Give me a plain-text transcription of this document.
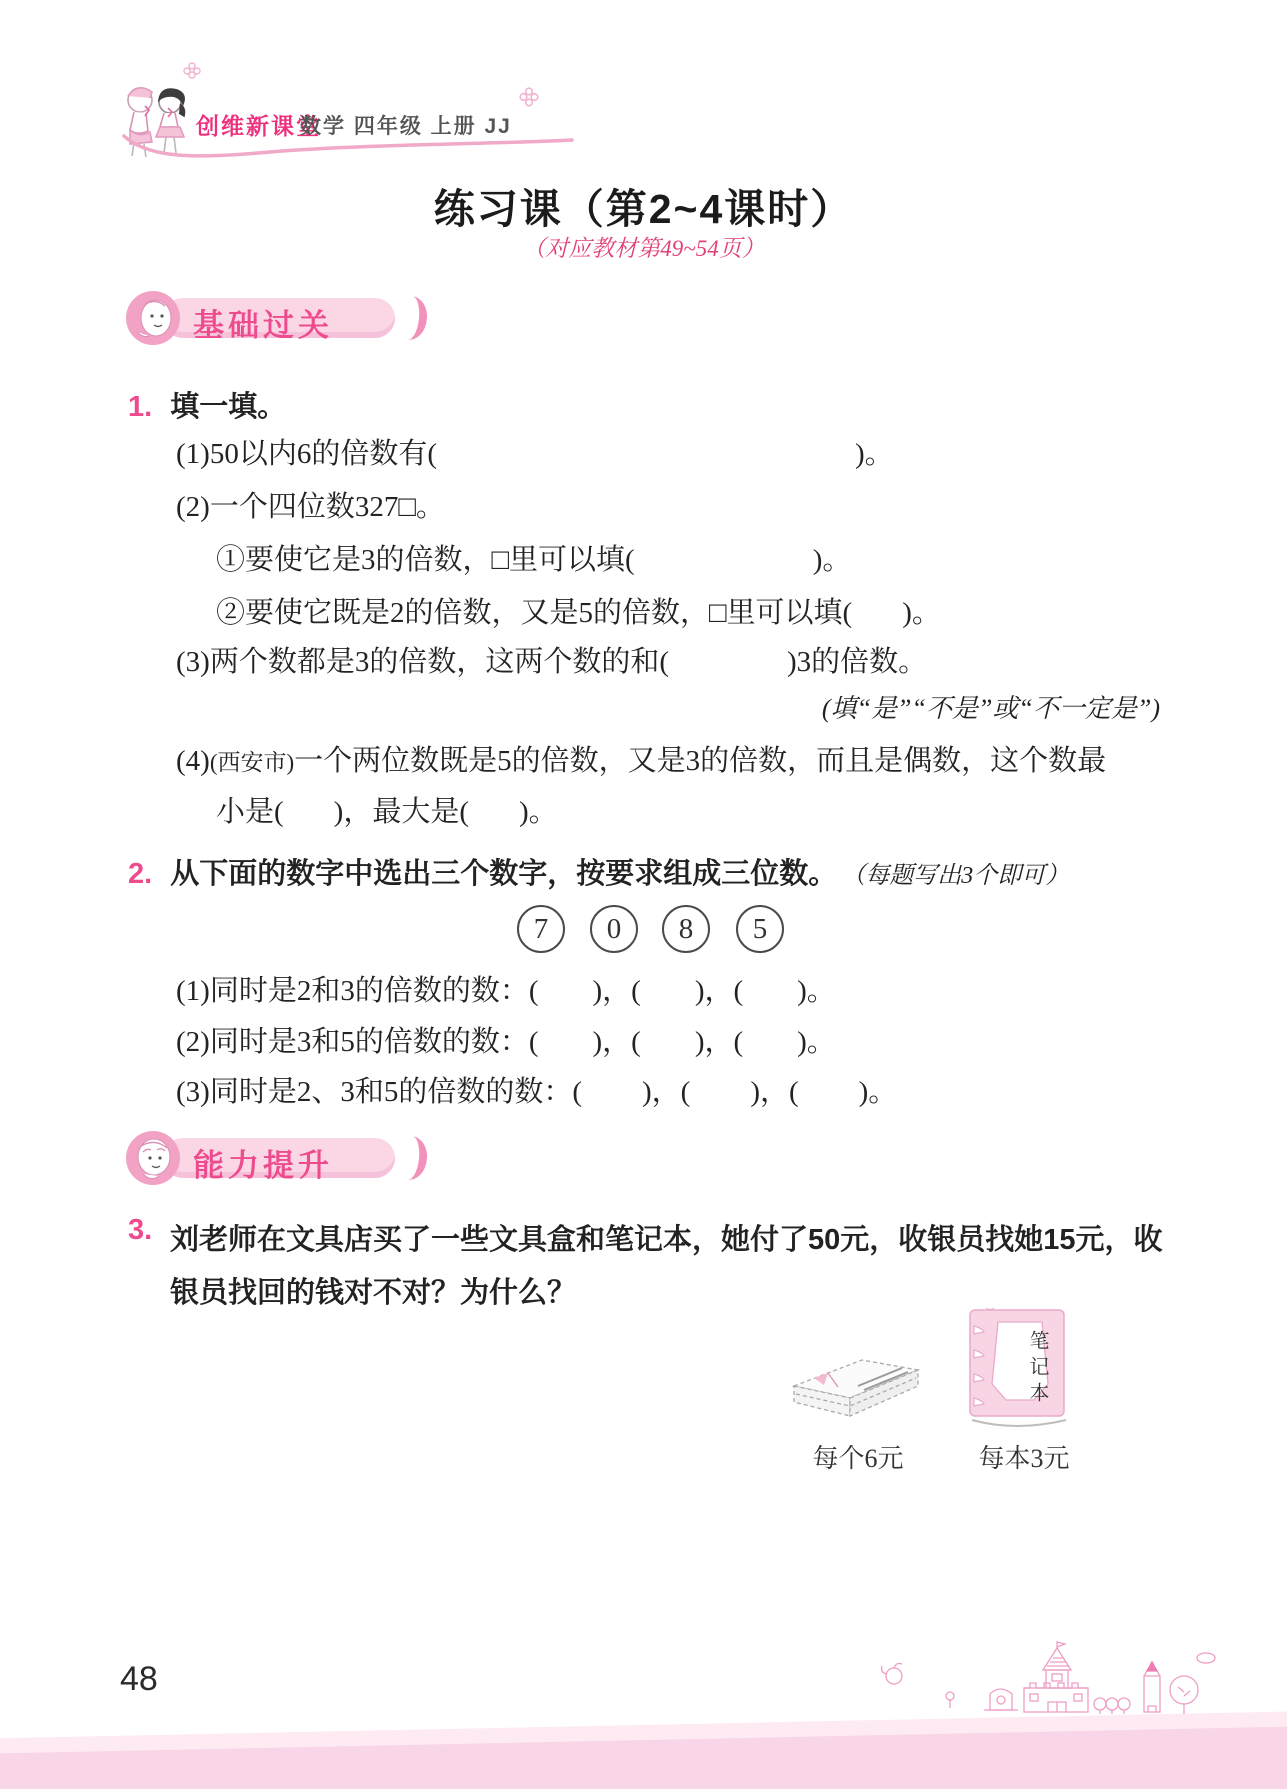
创维新课堂
数学 四年级 上册 JJ
练习课（第2~4课时）
（对应教材第49~54页）
基础过关
1. 填一填。
(1)50以内6的倍数有(	)。
(2)一个四位数327□。
①要使它是3的倍数，□里可以填(	)。
②要使它既是2的倍数，又是5的倍数，□里可以填( )。
(3)两个数都是3的倍数，这两个数的和(	)3的倍数。
(填“是”“不是”或“不一定是”)
(4)(西安市)一个两位数既是5的倍数，又是3的倍数，而且是偶数，这个数最
小是( )，最大是( )。
2. 从下面的数字中选出三个数字，按要求组成三位数。 （每题写出3个即可）
7	0	8	5
(1)同时是2和3的倍数的数：( )，( )，( )。
(2)同时是3和5的倍数的数：( )，( )，( )。
(3)同时是2、3和5的倍数的数：( )，( )，( )。
能力提升
3. 刘老师在文具店买了一些文具盒和笔记本，她付了50元，收银员找她15元，收银员找回的钱对不对？为什么？
笔记本
每个6元	每本3元
48
